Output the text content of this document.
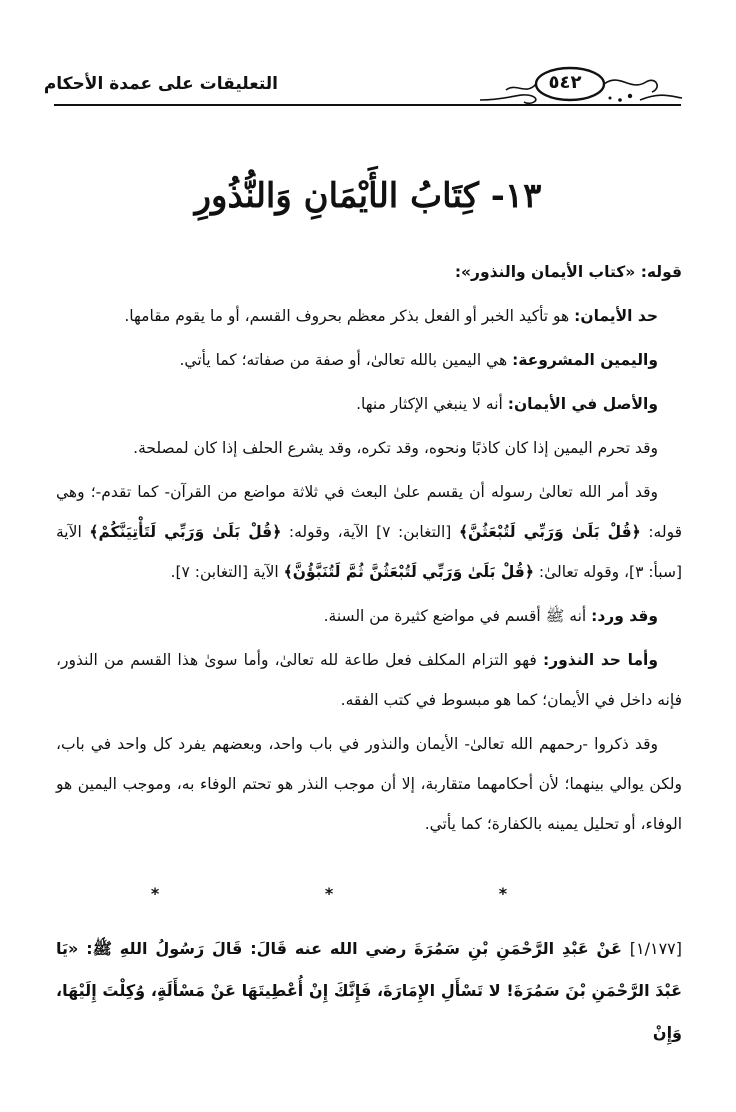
٥٤٢
التعليقات على عمدة الأحكام
١٣- كِتَابُ الأَيْمَانِ وَالنُّذُورِ

قوله: «كتاب الأيمان والنذور»:

حد الأيمان: هو تأكيد الخبر أو الفعل بذكر معظم بحروف القسم، أو ما يقوم مقامها.

واليمين المشروعة: هي اليمين بالله تعالىٰ، أو صفة من صفاته؛ كما يأتي.

والأصل في الأيمان: أنه لا ينبغي الإكثار منها.

وقد تحرم اليمين إذا كان كاذبًا ونحوه، وقد تكره، وقد يشرع الحلف إذا كان لمصلحة.

وقد أمر الله تعالىٰ رسوله أن يقسم علىٰ البعث في ثلاثة مواضع من القرآن- كما تقدم-؛ وهي قوله: ﴿قُلْ بَلَىٰ وَرَبِّي لَتُبْعَثُنَّ﴾ [التغابن: ٧] الآية، وقوله: ﴿قُلْ بَلَىٰ وَرَبِّي لَتَأْتِيَنَّكُمْ﴾ الآية [سبأ: ٣]، وقوله تعالىٰ: ﴿قُلْ بَلَىٰ وَرَبِّي لَتُبْعَثُنَّ ثُمَّ لَتُنَبَّؤُنَّ﴾ الآية [التغابن: ٧].

وقد ورد: أنه ﷺ أقسم في مواضع كثيرة من السنة.

وأما حد النذور: فهو التزام المكلف فعل طاعة لله تعالىٰ، وأما سوىٰ هذا القسم من النذور، فإنه داخل في الأيمان؛ كما هو مبسوط في كتب الفقه.

وقد ذكروا -رحمهم الله تعالىٰ- الأيمان والنذور في باب واحد، وبعضهم يفرد كل واحد في باب، ولكن يوالي بينهما؛ لأن أحكامهما متقاربة، إلا أن موجب النذر هو تحتم الوفاء به، وموجب اليمين هو الوفاء، أو تحليل يمينه بالكفارة؛ كما يأتي.

* * *
[١/١٧٧] عَنْ عَبْدِ الرَّحْمَنِ بْنِ سَمُرَةَ رضي الله عنه قَالَ: قَالَ رَسُولُ اللهِ ﷺ: «يَا عَبْدَ الرَّحْمَنِ بْنَ سَمُرَةَ! لا تَسْأَلِ الإِمَارَةَ، فَإِنَّكَ إِنْ أُعْطِيتَهَا عَنْ مَسْأَلَةٍ، وُكِلْتَ إِلَيْهَا، وَإِنْ
